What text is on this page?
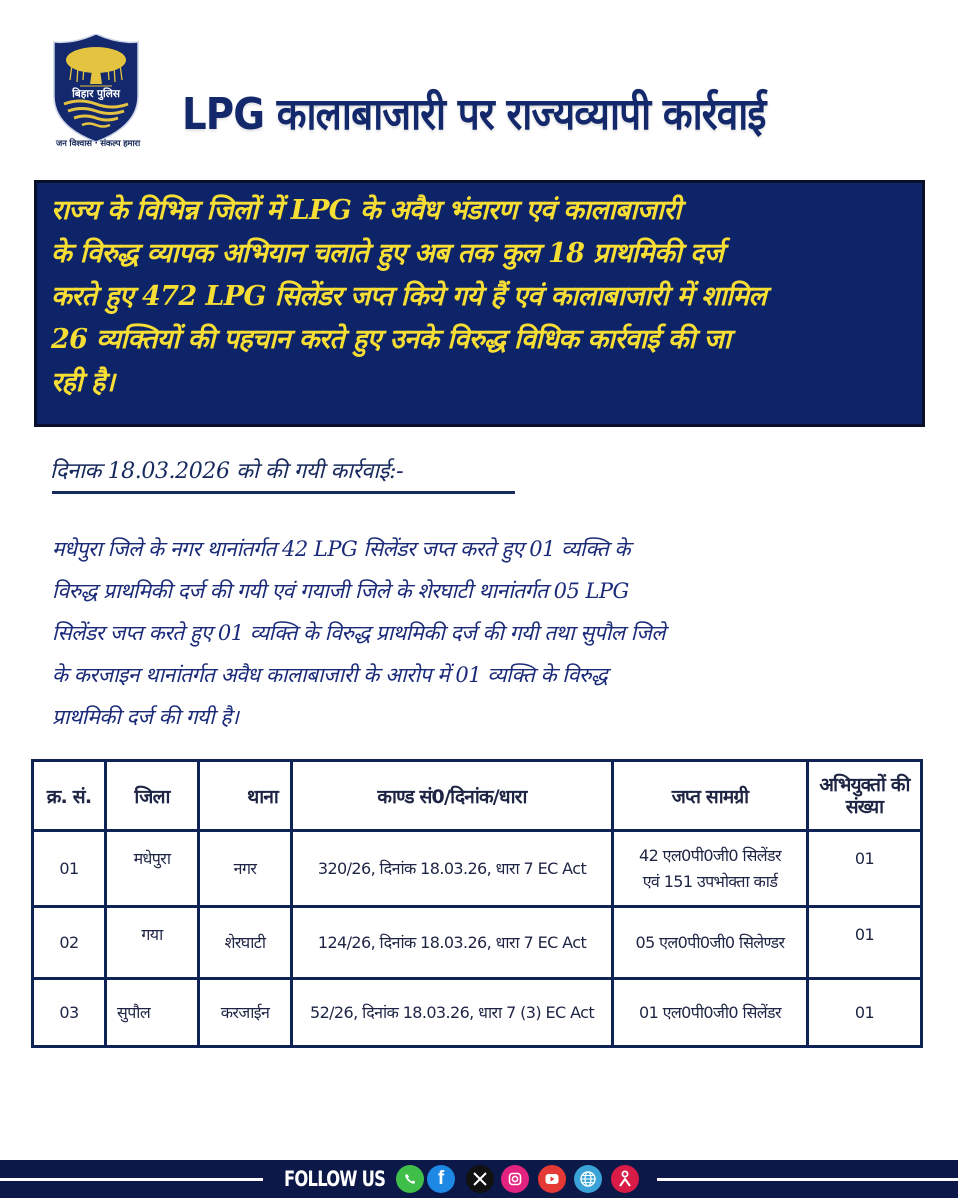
बिहार पुलिस
जन विश्वास · संकल्प हमारा
LPG कालाबाजारी पर राज्यव्यापी कार्रवाई

राज्य के विभिन्न जिलों में LPG के अवैध भंडारण एवं कालाबाजारी

के विरुद्ध व्यापक अभियान चलाते हुए अब तक कुल 18 प्राथमिकी दर्ज

करते हुए 472 LPG सिलेंडर जप्त किये गये हैं एवं कालाबाजारी में शामिल

26 व्यक्तियों की पहचान करते हुए उनके विरुद्ध विधिक कार्रवाई की जा

रही है।

दिनाक 18.03.2026 को की गयी कार्रवाई:-
मधेपुरा जिले के नगर थानांतर्गत 42 LPG सिलेंडर जप्त करते हुए 01 व्यक्ति के
विरुद्ध प्राथमिकी दर्ज की गयी एवं गयाजी जिले के शेरघाटी थानांतर्गत 05 LPG
सिलेंडर जप्त करते हुए 01 व्यक्ति के विरुद्ध प्राथमिकी दर्ज की गयी तथा सुपौल जिले
के करजाइन थानांतर्गत अवैध कालाबाजारी के आरोप में 01 व्यक्ति के विरुद्ध
प्राथमिकी दर्ज की गयी है।
क्र. सं.	जिला	थाना	काण्ड सं0/दिनांक/धारा	जप्त सामग्री	अभियुक्तों की संख्या
01	मधेपुरा	नगर	320/26, दिनांक 18.03.26, धारा 7 EC Act	42 एल0पी0जी0 सिलेंडर
एवं 151 उपभोक्ता कार्ड	01
02	गया	शेरघाटी	124/26, दिनांक 18.03.26, धारा 7 EC Act	05 एल0पी0जी0 सिलेण्डर	01
03	सुपौल	करजाईन	52/26, दिनांक 18.03.26, धारा 7 (3) EC Act	01 एल0पी0जी0 सिलेंडर	01
FOLLOW US	f
